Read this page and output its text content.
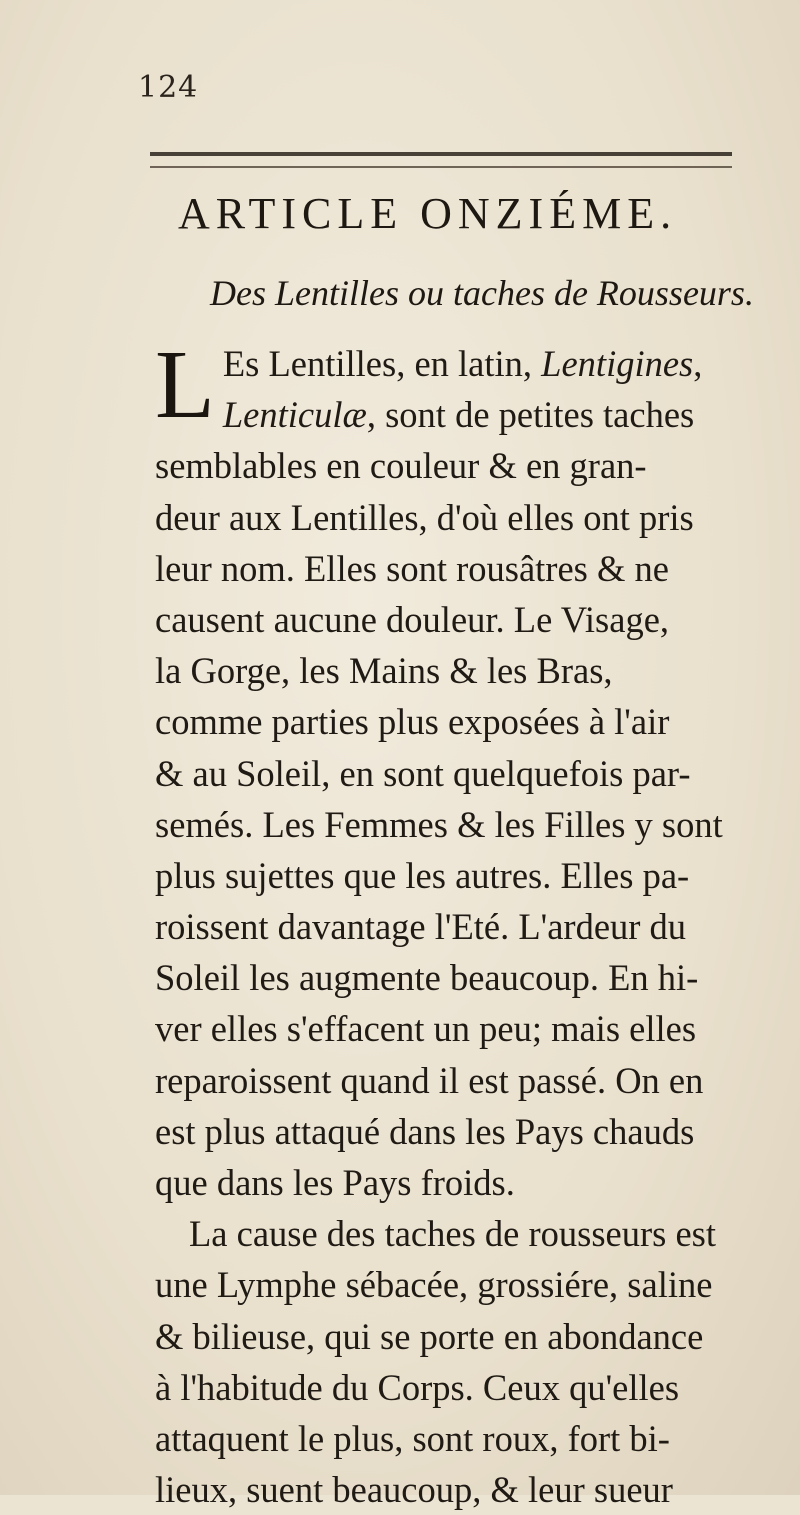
124
ARTICLE ONZIÉME.
Des Lentilles ou taches de Rousseurs.
L Es Lentilles, en latin, Lentigines,
Lenticulæ, sont de petites taches
semblables en couleur & en gran-
deur aux Lentilles, d'où elles ont pris
leur nom. Elles sont rousâtres & ne
causent aucune douleur. Le Visage,
la Gorge, les Mains & les Bras,
comme parties plus exposées à l'air
& au Soleil, en sont quelquefois par-
semés. Les Femmes & les Filles y sont
plus sujettes que les autres. Elles pa-
roissent davantage l'Eté. L'ardeur du
Soleil les augmente beaucoup. En hi-
ver elles s'effacent un peu; mais elles
reparoissent quand il est passé. On en
est plus attaqué dans les Pays chauds
que dans les Pays froids.
La cause des taches de rousseurs est
une Lymphe sébacée, grossiére, saline
& bilieuse, qui se porte en abondance
à l'habitude du Corps. Ceux qu'elles
attaquent le plus, sont roux, fort bi-
lieux, suent beaucoup, & leur sueur
